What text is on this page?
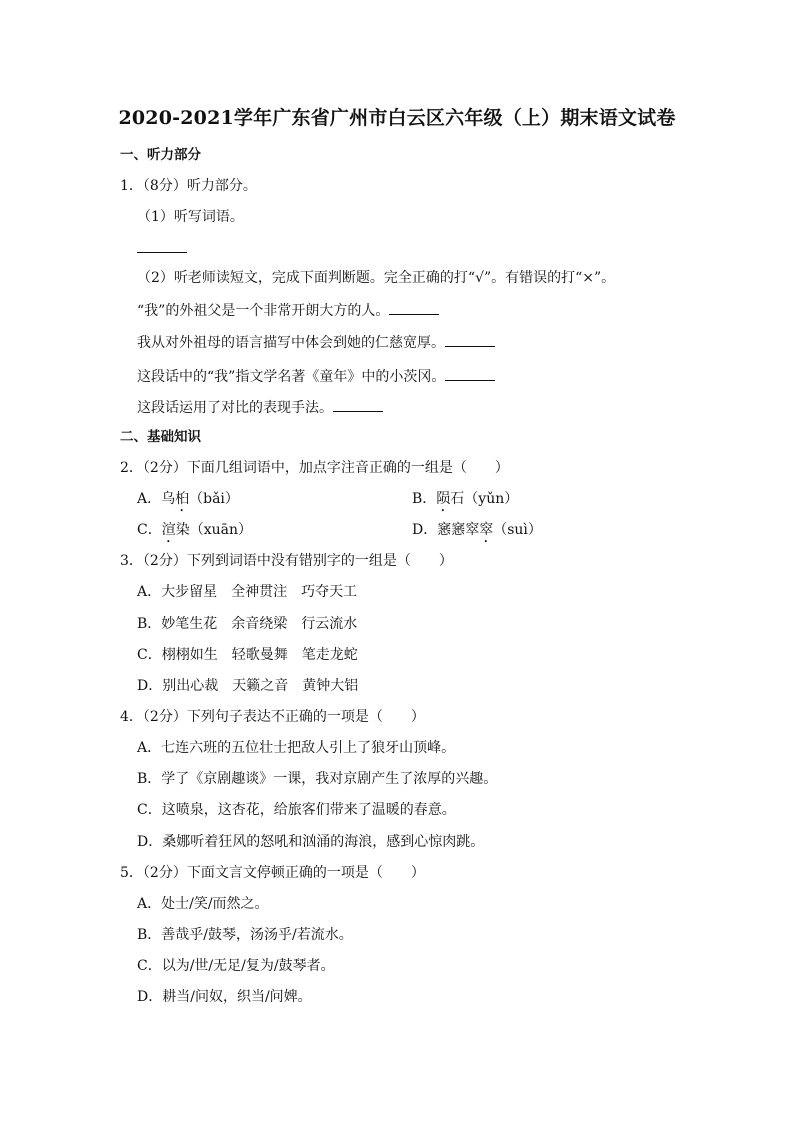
2020-2021学年广东省广州市白云区六年级（上）期末语文试卷
一、听力部分
1．（8分）听力部分。
（1）听写词语。
（2）听老师读短文，完成下面判断题。完全正确的打“√”。有错误的打“×”。
“我”的外祖父是一个非常开朗大方的人。
我从对外祖母的语言描写中体会到她的仁慈宽厚。
这段话中的“我”指文学名著《童年》中的小茨冈。
这段话运用了对比的表现手法。
二、基础知识
2．（2分）下面几组词语中，加点字注音正确的一组是（　　）
A．乌桕（bǎi）	B．陨石（yǔn）
C．渲染（xuān）	D．窸窸窣窣（suì）
3．（2分）下列到词语中没有错别字的一组是（　　）
A．大步留星　全神贯注　巧夺天工
B．妙笔生花　余音绕梁　行云流水
C．栩栩如生　轻歌曼舞　笔走龙蛇
D．别出心裁　天籁之音　黄钟大铝
4．（2分）下列句子表达不正确的一项是（　　）
A．七连六班的五位壮士把敌人引上了狼牙山顶峰。
B．学了《京剧趣谈》一课，我对京剧产生了浓厚的兴趣。
C．这喷泉，这杏花，给旅客们带来了温暖的春意。
D．桑娜听着狂风的怒吼和汹涌的海浪，感到心惊肉跳。
5．（2分）下面文言文停顿正确的一项是（　　）
A．处士/笑/而然之。
B．善哉乎/鼓琴，汤汤乎/若流水。
C．以为/世/无足/复为/鼓琴者。
D．耕当/问奴，织当/问婢。
